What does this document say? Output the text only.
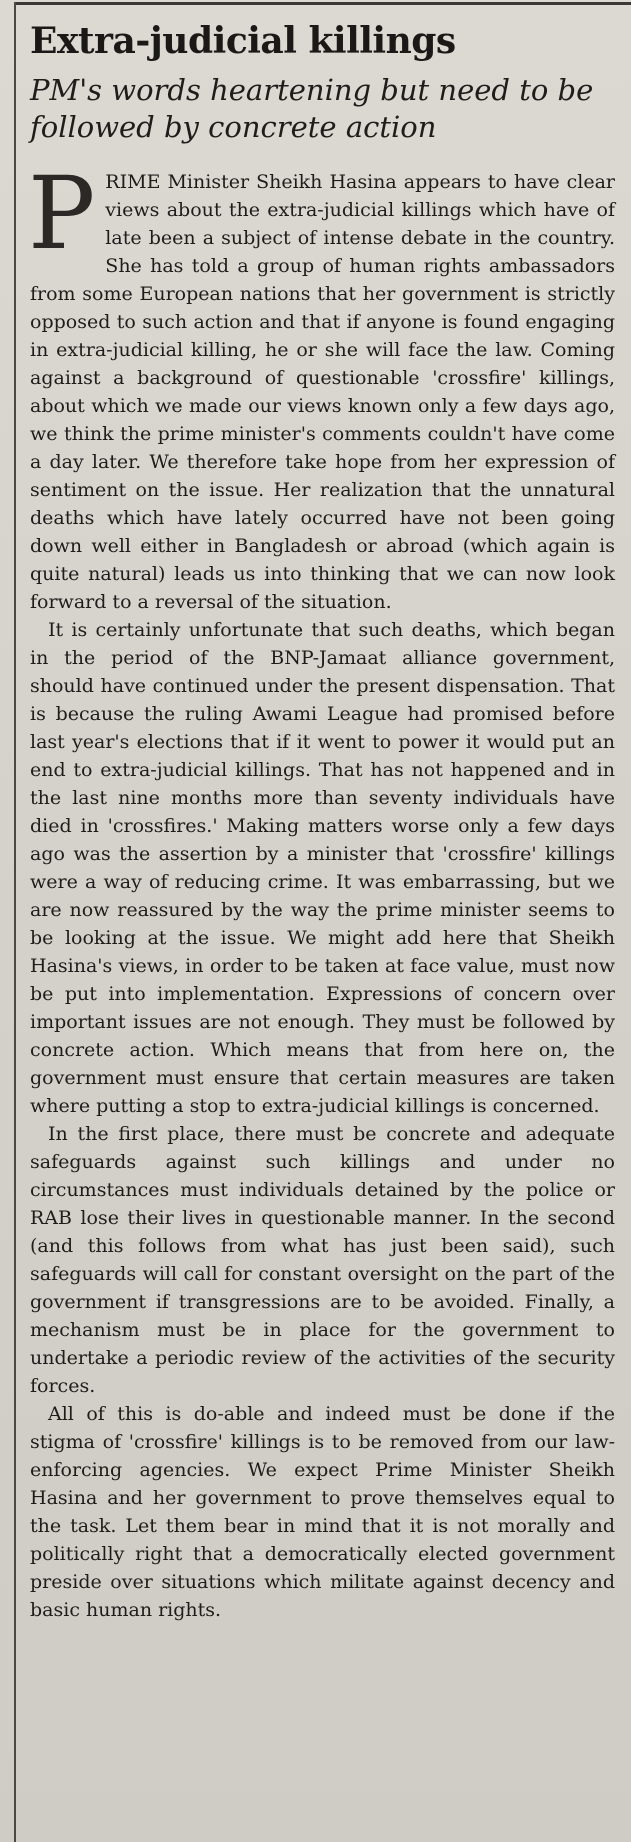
Extra-judicial killings
PM's words heartening but need to be followed by concrete action

PRIME Minister Sheikh Hasina appears to have clear views about the extra-judicial killings which have of late been a subject of intense debate in the country. She has told a group of human rights ambassadors from some European nations that her government is strictly opposed to such action and that if anyone is found engaging in extra-judicial killing, he or she will face the law. Coming against a background of questionable 'crossfire' killings, about which we made our views known only a few days ago, we think the prime minister's comments couldn't have come a day later. We therefore take hope from her expression of sentiment on the issue. Her realization that the unnatural deaths which have lately occurred have not been going down well either in Bangladesh or abroad (which again is quite natural) leads us into thinking that we can now look forward to a reversal of the situation.

It is certainly unfortunate that such deaths, which began in the period of the BNP-Jamaat alliance government, should have continued under the present dispensation. That is because the ruling Awami League had promised before last year's elections that if it went to power it would put an end to extra-judicial killings. That has not happened and in the last nine months more than seventy individuals have died in 'crossfires.' Making matters worse only a few days ago was the assertion by a minister that 'crossfire' killings were a way of reducing crime. It was embarrassing, but we are now reassured by the way the prime minister seems to be looking at the issue. We might add here that Sheikh Hasina's views, in order to be taken at face value, must now be put into implementation. Expressions of concern over important issues are not enough. They must be followed by concrete action. Which means that from here on, the government must ensure that certain measures are taken where putting a stop to extra-judicial killings is concerned.

In the first place, there must be concrete and adequate safeguards against such killings and under no circumstances must individuals detained by the police or RAB lose their lives in questionable manner. In the second (and this follows from what has just been said), such safeguards will call for constant oversight on the part of the government if transgressions are to be avoided. Finally, a mechanism must be in place for the government to undertake a periodic review of the activities of the security forces.

All of this is do-able and indeed must be done if the stigma of 'crossfire' killings is to be removed from our law-enforcing agencies. We expect Prime Minister Sheikh Hasina and her government to prove themselves equal to the task. Let them bear in mind that it is not morally and politically right that a democratically elected government preside over situations which militate against decency and basic human rights.
